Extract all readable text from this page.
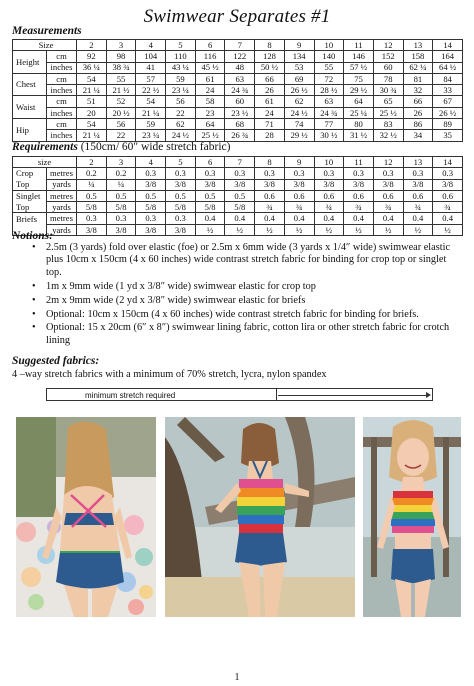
Swimwear Separates #1
Measurements
Size		2	3	4	5	6	7	8	9	10	11	12	13	14
Height	cm	92	98	104	110	116	122	128	134	140	146	152	158	164
	inches	36 ¼	38 ¾	41	43 ¼	45 ½	48	50 ½	53	55	57 ½	60	62 ¼	64 ½
Chest	cm	54	55	57	59	61	63	66	69	72	75	78	81	84
	inches	21 ¼	21 ½	22 ½	23 ¼	24	24 ¾	26	26 ½	28 ½	29 ½	30 ¾	32	33
Waist	cm	51	52	54	56	58	60	61	62	63	64	65	66	67
	inches	20	20 ½	21 ¼	22	23	23 ½	24	24 ½	24 ¾	25 ¼	25 ½	26	26 ½
Hip	cm	54	56	59	62	64	68	71	74	77	80	83	86	89
	inches	21 ¼	22	23 ¼	24 ½	25 ½	26 ¾	28	29 ½	30 ½	31 ½	32 ½	34	35
Requirements (150cm/ 60″ wide stretch fabric)
size		2	3	4	5	6	7	8	9	10	11	12	13	14
Crop	metres	0.2	0.2	0.3	0.3	0.3	0.3	0.3	0.3	0.3	0.3	0.3	0.3	0.3
Top	yards	¼	¼	3/8	3/8	3/8	3/8	3/8	3/8	3/8	3/8	3/8	3/8	3/8
Singlet	metres	0.5	0.5	0.5	0.5	0.5	0.5	0.6	0.6	0.6	0.6	0.6	0.6	0.6
Top	yards	5/8	5/8	5/8	5/8	5/8	5/8	¾	¾	¾	¾	¾	¾	¾
Briefs	metres	0.3	0.3	0.3	0.3	0.4	0.4	0.4	0.4	0.4	0.4	0.4	0.4	0.4
	yards	3/8	3/8	3/8	3/8	½	½	½	½	½	½	½	½	½
Notions:
• 2.5m (3 yards) fold over elastic (foe) or 2.5m x 6mm wide (3 yards x 1/4″ wide) swimwear elastic plus 10cm x 150cm (4 x 60 inches) wide contrast stretch fabric for binding for crop top or singlet top.
• 1m x 9mm wide (1 yd x 3/8″ wide) swimwear elastic for crop top
• 2m x 9mm wide (2 yd x 3/8″ wide) swimwear elastic for briefs
• Optional: 10cm x 150cm (4 x 60 inches) wide contrast stretch fabric for binding for briefs.
• Optional: 15 x 20cm (6″ x 8″) swimwear lining fabric, cotton lira or other stretch fabric for crotch lining
Suggested fabrics:
4 –way stretch fabrics with a minimum of 70% stretch, lycra, nylon spandex
minimum stretch required
1
